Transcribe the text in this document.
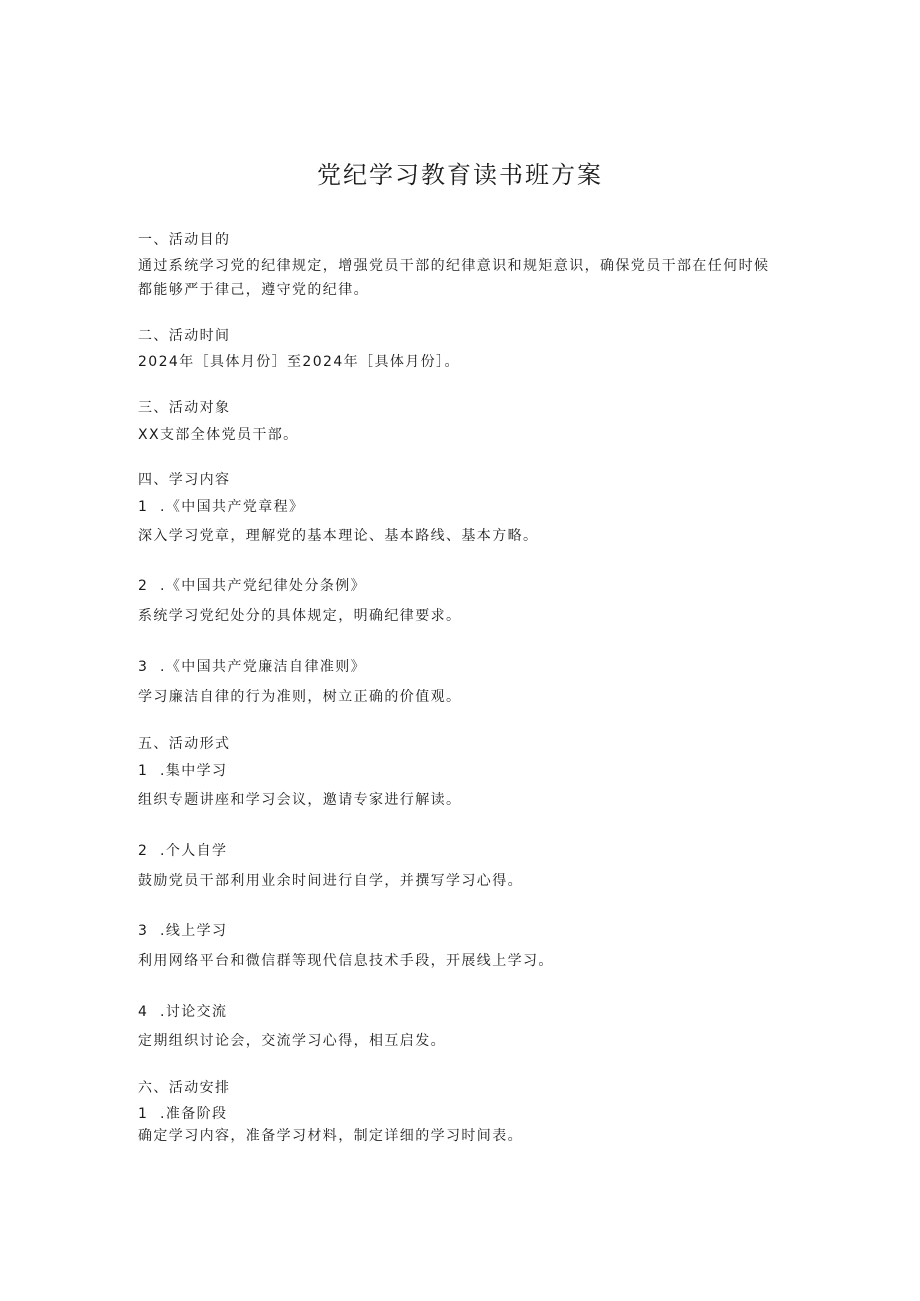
党纪学习教育读书班方案
一、活动目的
通过系统学习党的纪律规定，增强党员干部的纪律意识和规矩意识，确保党员干部在任何时候
都能够严于律己，遵守党的纪律。
二、活动时间
2024年［具体月份］至2024年［具体月份］。
三、活动对象
XX支部全体党员干部。
四、学习内容
1 .《中国共产党章程》
深入学习党章，理解党的基本理论、基本路线、基本方略。
2 .《中国共产党纪律处分条例》
系统学习党纪处分的具体规定，明确纪律要求。
3 .《中国共产党廉洁自律准则》
学习廉洁自律的行为准则，树立正确的价值观。
五、活动形式
1 .集中学习
组织专题讲座和学习会议，邀请专家进行解读。
2 .个人自学
鼓励党员干部利用业余时间进行自学，并撰写学习心得。
3 .线上学习
利用网络平台和微信群等现代信息技术手段，开展线上学习。
4 .讨论交流
定期组织讨论会，交流学习心得，相互启发。
六、活动安排
1 .准备阶段
确定学习内容，准备学习材料，制定详细的学习时间表。
